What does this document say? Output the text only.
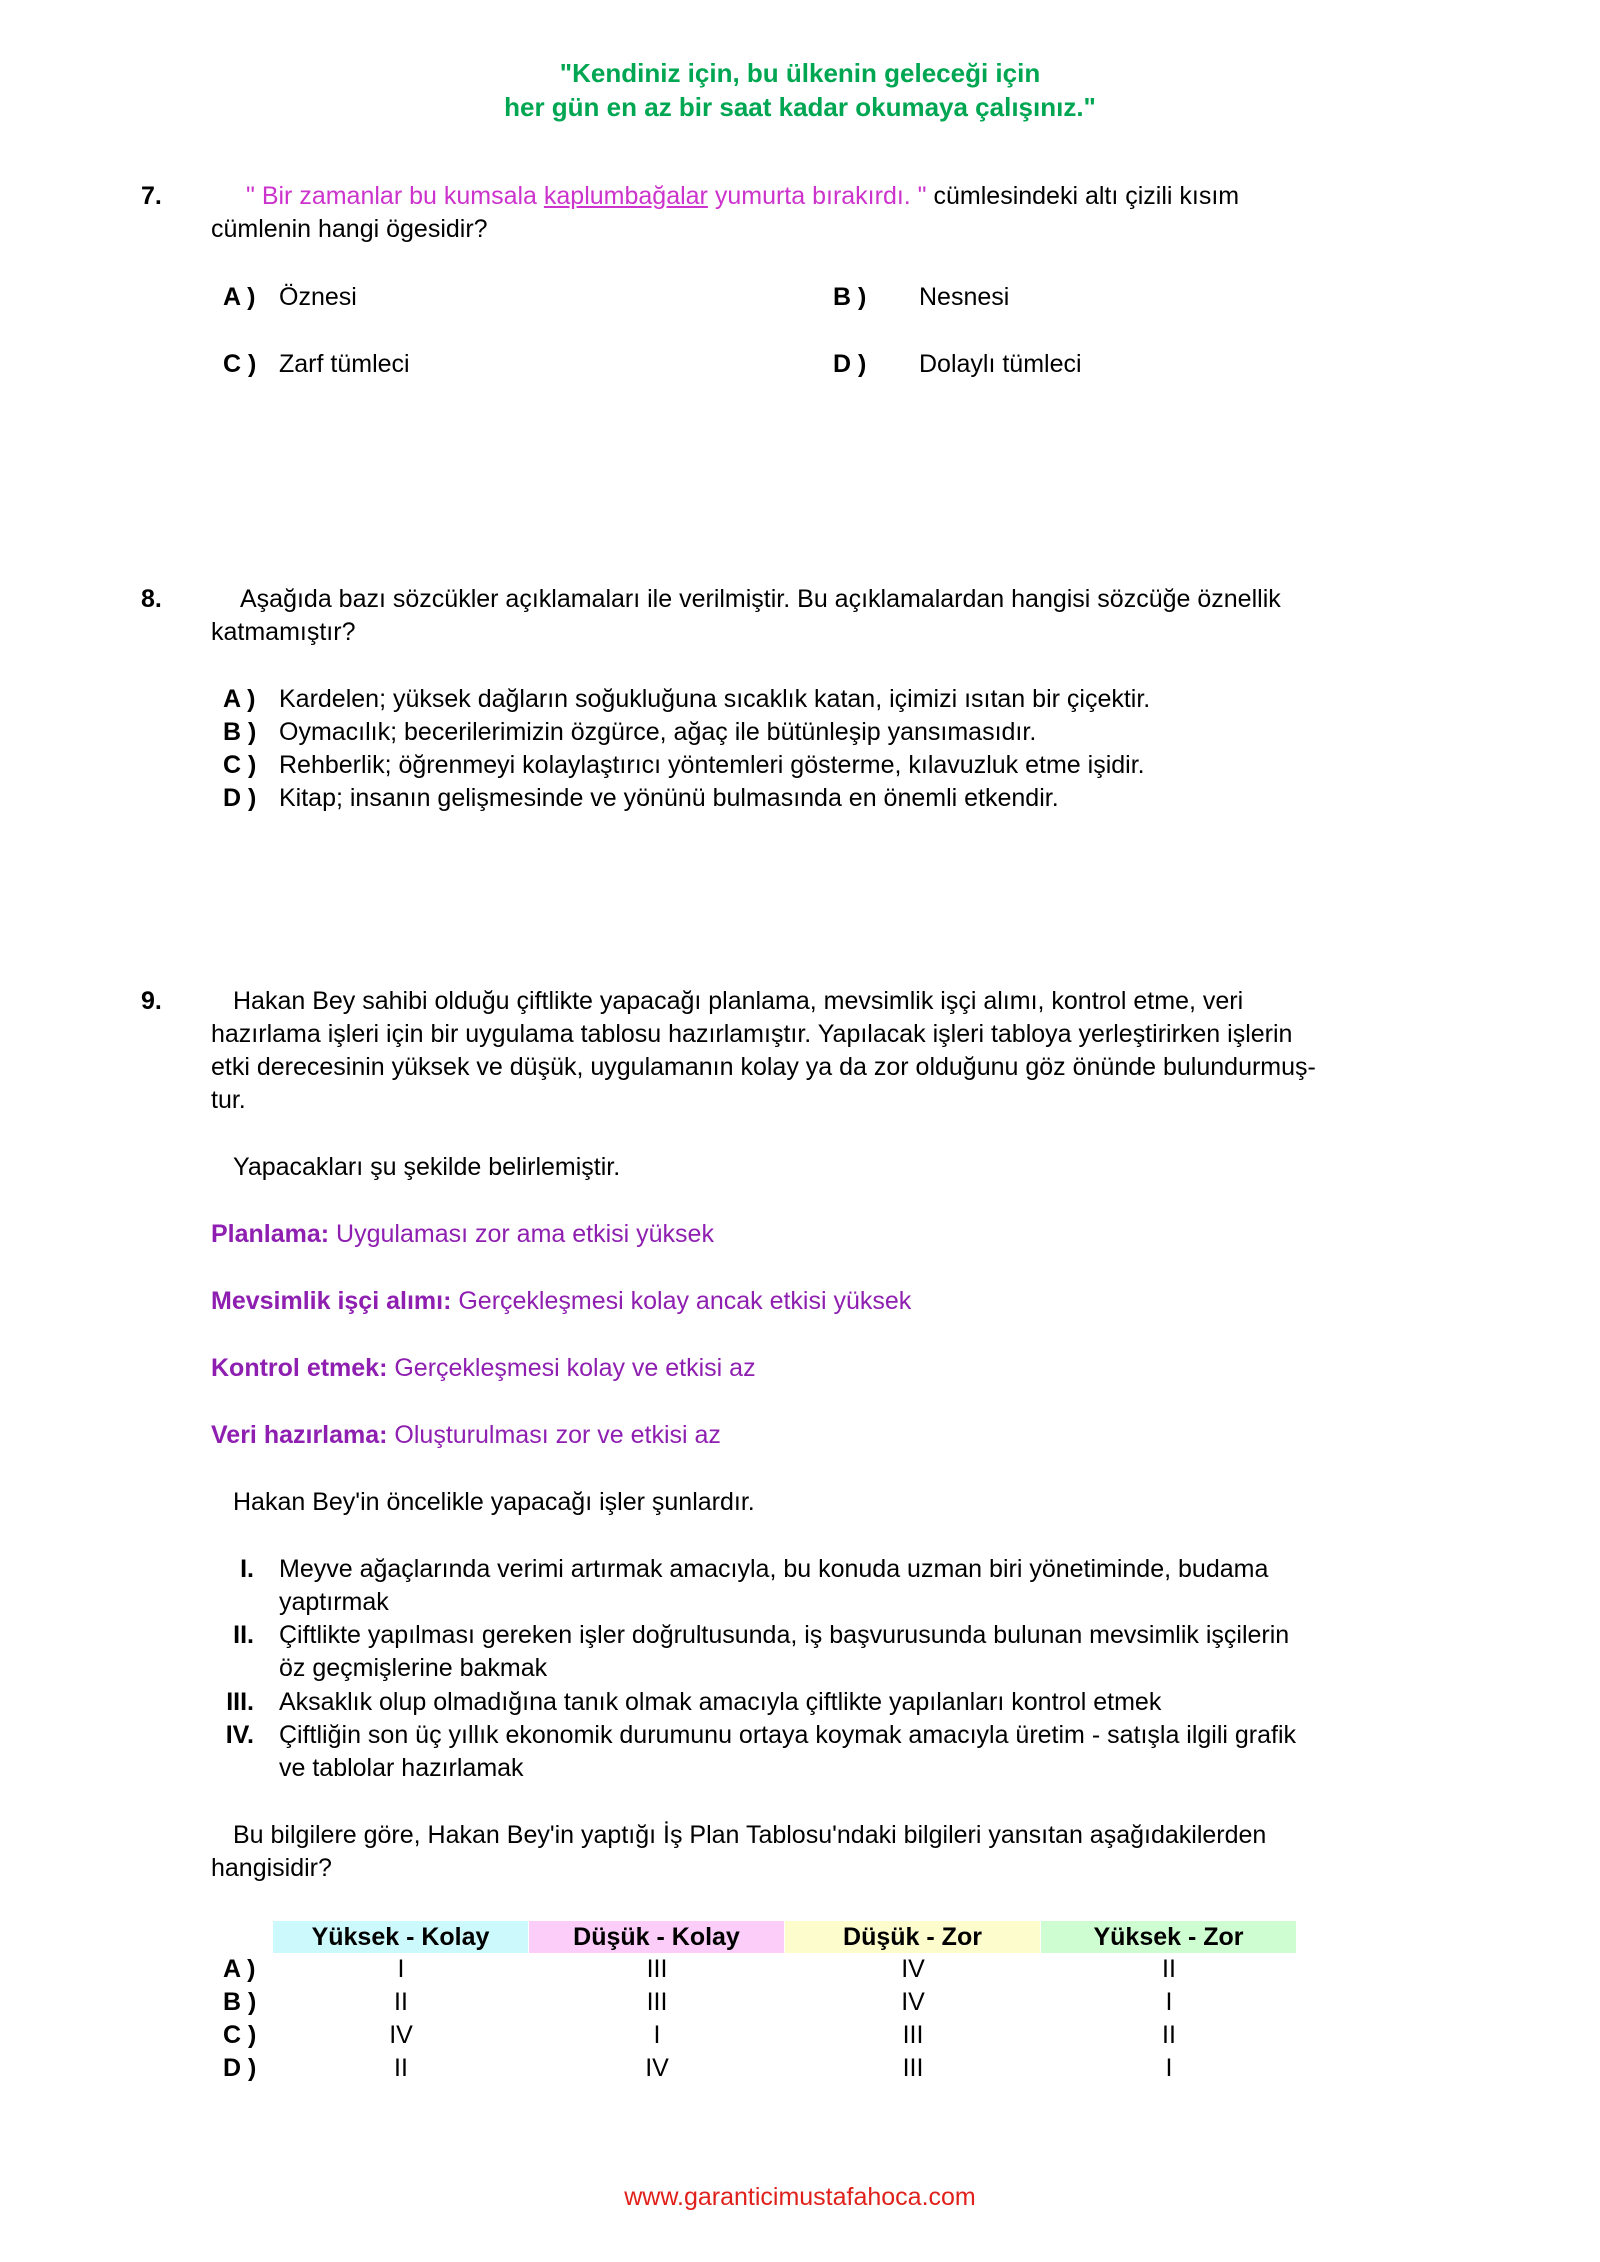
"Kendiniz için, bu ülkenin geleceği için
her gün en az bir saat kadar okumaya çalışınız."
7.	" Bir zamanlar bu kumsala kaplumbağalar yumurta bırakırdı. " cümlesindeki altı çizili kısım
cümlenin hangi ögesidir?
A ) Öznesi	B ) Nesnesi
C ) Zarf tümleci	D ) Dolaylı tümleci
8.	Aşağıda bazı sözcükler açıklamaları ile verilmiştir. Bu açıklamalardan hangisi sözcüğe öznellik
katmamıştır?
A ) Kardelen; yüksek dağların soğukluğuna sıcaklık katan, içimizi ısıtan bir çiçektir.
B ) Oymacılık; becerilerimizin özgürce, ağaç ile bütünleşip yansımasıdır.
C ) Rehberlik; öğrenmeyi kolaylaştırıcı yöntemleri gösterme, kılavuzluk etme işidir.
D ) Kitap; insanın gelişmesinde ve yönünü bulmasında en önemli etkendir.
9.	Hakan Bey sahibi olduğu çiftlikte yapacağı planlama, mevsimlik işçi alımı, kontrol etme, veri
hazırlama işleri için bir uygulama tablosu hazırlamıştır. Yapılacak işleri tabloya yerleştirirken işlerin
etki derecesinin yüksek ve düşük, uygulamanın kolay ya da zor olduğunu göz önünde bulundurmuş-
tur.
Yapacakları şu şekilde belirlemiştir.
Planlama: Uygulaması zor ama etkisi yüksek
Mevsimlik işçi alımı: Gerçekleşmesi kolay ancak etkisi yüksek
Kontrol etmek: Gerçekleşmesi kolay ve etkisi az
Veri hazırlama: Oluşturulması zor ve etkisi az
Hakan Bey'in öncelikle yapacağı işler şunlardır.
I. Meyve ağaçlarında verimi artırmak amacıyla, bu konuda uzman biri yönetiminde, budama
yaptırmak
II. Çiftlikte yapılması gereken işler doğrultusunda, iş başvurusunda bulunan mevsimlik işçilerin
öz geçmişlerine bakmak
III. Aksaklık olup olmadığına tanık olmak amacıyla çiftlikte yapılanları kontrol etmek
IV. Çiftliğin son üç yıllık ekonomik durumunu ortaya koymak amacıyla üretim - satışla ilgili grafik
ve tablolar hazırlamak
Bu bilgilere göre, Hakan Bey'in yaptığı İş Plan Tablosu'ndaki bilgileri yansıtan aşağıdakilerden
hangisidir?
Yüksek - Kolay	Düşük - Kolay	Düşük - Zor	Yüksek - Zor
A )	I	III	IV	II
B )	II	III	IV	I
C )	IV	I	III	II
D )	II	IV	III	I
www.garanticimustafahoca.com
